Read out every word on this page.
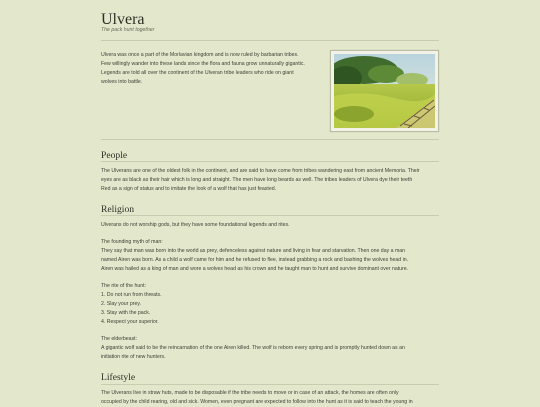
Ulvera
The pack hunt together
Ulvera was once a part of the Morlavian kingdom and is now ruled by barbarian tribes.
Few willingly wander into these lands since the flora and fauna grow unnaturally gigantic.
Legends are told all over the continent of the Ulveran tribe leaders who ride on giant
wolves into battle.
People
The Ulverans are one of the oldest folk in the continent, and are said to have come from tribes wandering east from ancient Memoria. Their
eyes are as black as their hair which is long and straight. The men have long beards as well. The tribes leaders of Ulvera dye their teeth
Red as a sign of status and to imitate the look of a wolf that has just feasted.
Religion
Ulverans do not worship gods, but they have some foundational legends and rites.
The founding myth of man:
They say that man was born into the world as prey, defenceless against nature and living in fear and starvation. Then one day a man
named Airen was born. As a child a wolf came for him and he refused to flee, instead grabbing a rock and bashing the wolves head in.
Airen was hailed as a king of man and wore a wolves head as his crown and he taught man to hunt and survive dominant over nature.
The rite of the hunt:
1. Do not run from threats.
2. Slay your prey.
3. Stay with the pack.
4. Respect your superior.
The elderbeast:
A gigantic wolf said to be the reincarnation of the one Airen killed. The wolf is reborn every spring and is promptly hunted down as an
initiation rite of new hunters.
Lifestyle
The Ulverans live in straw huts, made to be disposable if the tribe needs to move or in case of an attack, the homes are often only
occupied by the child rearing, old and sick. Women, even pregnant are expected to follow into the hunt as it is said to teach the young in
